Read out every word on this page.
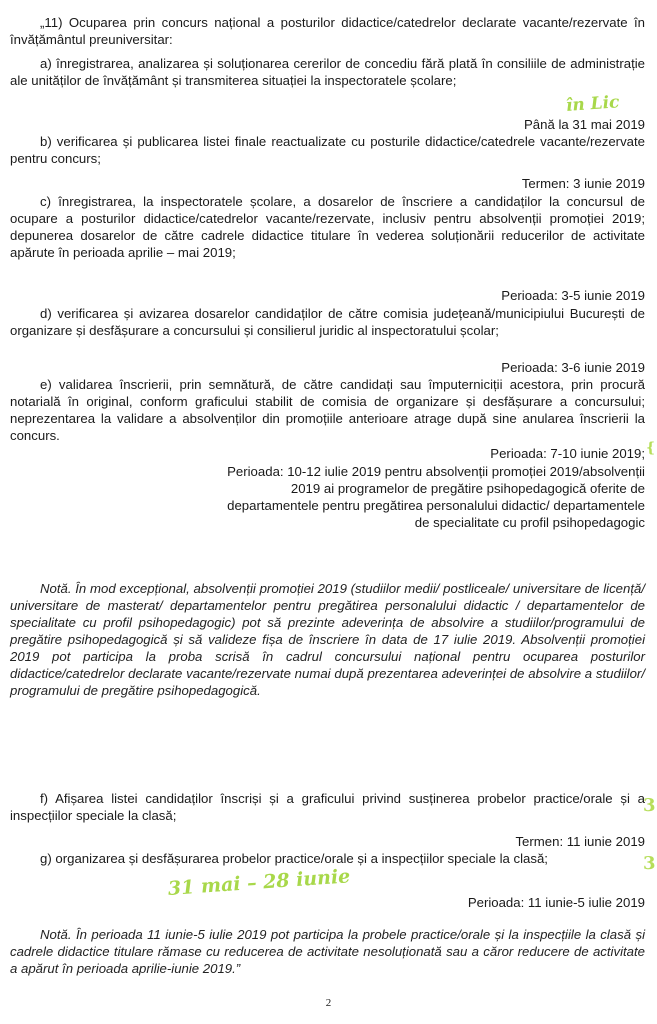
„11) Ocuparea prin concurs național a posturilor didactice/catedrelor declarate vacante/rezervate în învățământul preuniversitar:

a) înregistrarea, analizarea și soluționarea cererilor de concediu fără plată în consiliile de administrație ale unităților de învățământ și transmiterea situației la inspectoratele școlare;

Până la 31 mai 2019

b) verificarea și publicarea listei finale reactualizate cu posturile didactice/catedrele vacante/rezervate pentru concurs;

Termen: 3 iunie 2019

c) înregistrarea, la inspectoratele școlare, a dosarelor de înscriere a candidaților la concursul de ocupare a posturilor didactice/catedrelor vacante/rezervate, inclusiv pentru absolvenții promoției 2019; depunerea dosarelor de către cadrele didactice titulare în vederea soluționării reducerilor de activitate apărute în perioada aprilie – mai 2019;

Perioada: 3-5 iunie 2019

d) verificarea și avizarea dosarelor candidaților de către comisia județeană/municipiului București de organizare și desfășurare a concursului și consilierul juridic al inspectoratului școlar;

Perioada: 3-6 iunie 2019

e) validarea înscrierii, prin semnătură, de către candidați sau împuterniciții acestora, prin procură notarială în original, conform graficului stabilit de comisia de organizare și desfășurare a concursului; neprezentarea la validare a absolvenților din promoțiile anterioare atrage după sine anularea înscrierii la concurs.

Perioada: 7-10 iunie 2019;

Perioada: 10-12 iulie 2019 pentru absolvenții promoției 2019/absolvenții 2019 ai programelor de pregătire psihopedagogică oferite de departamentele pentru pregătirea personalului didactic/ departamentele de specialitate cu profil psihopedagogic

Notă. În mod excepțional, absolvenții promoției 2019 (studiilor medii/ postliceale/ universitare de licență/ universitare de masterat/ departamentelor pentru pregătirea personalului didactic / departamentelor de specialitate cu profil psihopedagogic) pot să prezinte adeverința de absolvire a studiilor/programului de pregătire psihopedagogică și să valideze fișa de înscriere în data de 17 iulie 2019. Absolvenții promoției 2019 pot participa la proba scrisă în cadrul concursului național pentru ocuparea posturilor didactice/catedrelor declarate vacante/rezervate numai după prezentarea adeverinței de absolvire a studiilor/ programului de pregătire psihopedagogică.

f) Afișarea listei candidaților înscriși și a graficului privind susținerea probelor practice/orale și a inspecțiilor speciale la clasă;

Termen: 11 iunie 2019

g) organizarea și desfășurarea probelor practice/orale și a inspecțiilor speciale la clasă;

Perioada: 11 iunie-5 iulie 2019

Notă. În perioada 11 iunie-5 iulie 2019 pot participa la probele practice/orale și la inspecțiile la clasă și cadrele didactice titulare rămase cu reducerea de activitate nesoluționată sau a căror reducere de activitate a apărut în perioada aprilie-iunie 2019.”

în Lic
31 mai – 28 iunie
{
3
3
2
